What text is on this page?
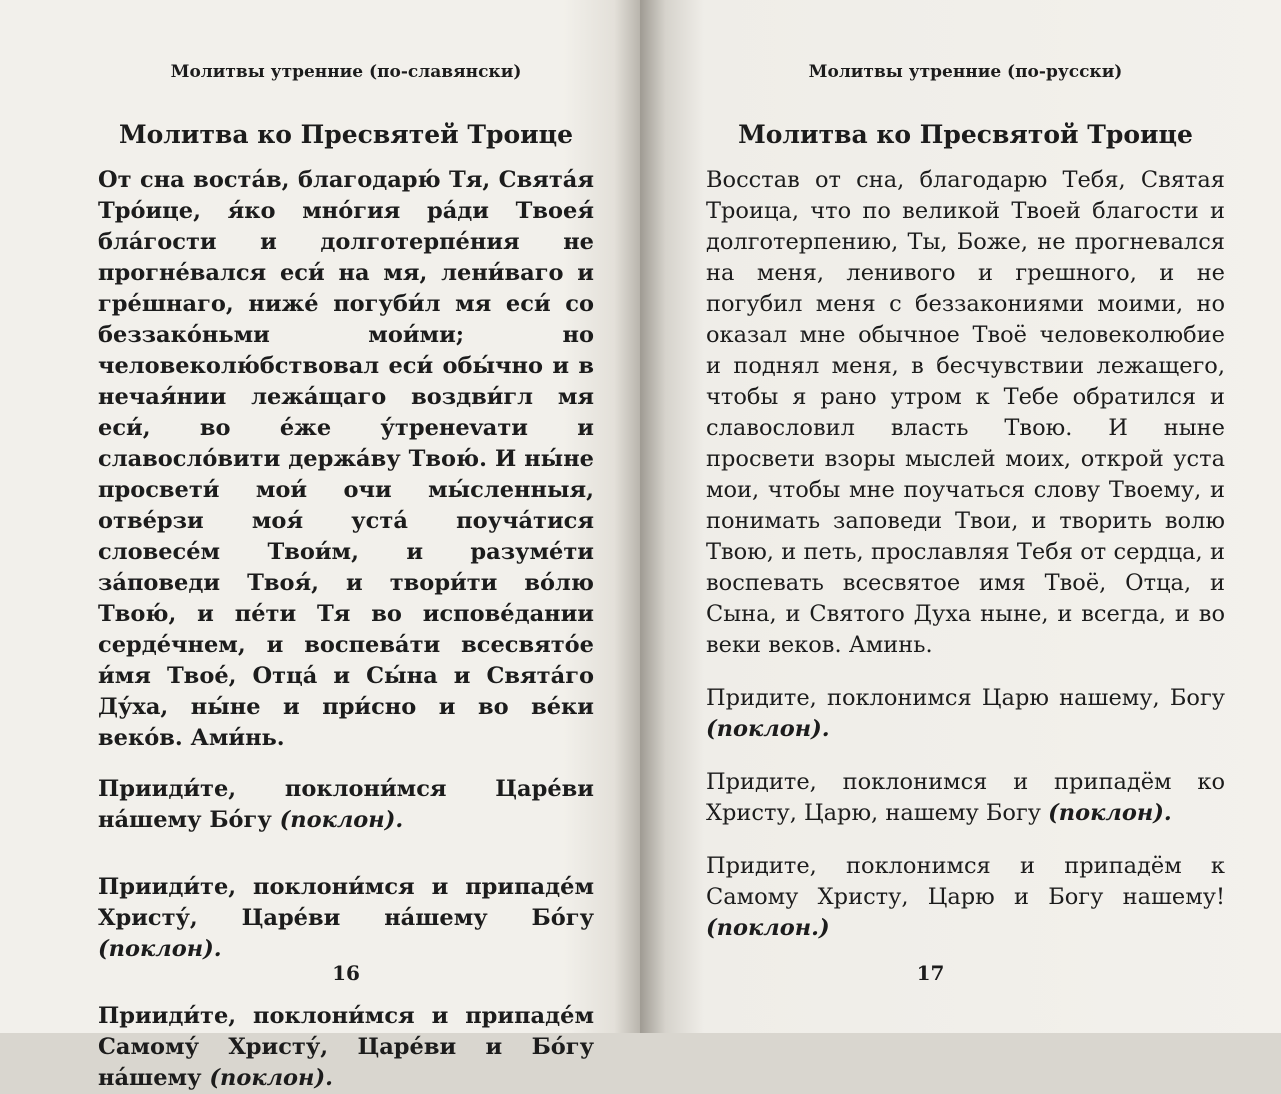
Молитвы утренние (по-славянски)
Молитва ко Пресвятей Троице

От сна воста́в, благодарю́ Тя, Свята́я Тро́ице, я́ко мно́гия ра́ди Твоея́ бла́гости и долготерпе́ния не прогне́вался еси́ на мя, лени́ваго и гре́шнаго, ниже́ погуби́л мя еси́ со беззако́ньми мои́ми; но человеколю́бствовал еси́ обы́чно и в нечая́нии лежа́щаго воздви́гл мя еси́, во е́же у́тренevaти и славосло́вити держа́ву Твою́. И ны́не просвети́ мои́ очи мы́сленныя, отве́рзи моя́ уста́ поуча́тися словесе́м Твои́м, и разуме́ти за́поведи Твоя́, и твори́ти во́лю Твою́, и пе́ти Тя во испове́дании серде́чнем, и воспева́ти всесвято́е и́мя Твое́, Отца́ и Сы́на и Свята́го Ду́ха, ны́не и при́сно и во ве́ки веко́в. Ами́нь.

Прииди́те, поклони́мся Царе́ви на́шему Бо́гу (поклон).

Прииди́те, поклони́мся и припаде́м Христу́, Царе́ви на́шему Бо́гу (поклон).

Прииди́те, поклони́мся и припаде́м Самому́ Христу́, Царе́ви и Бо́гу на́шему (поклон).

16
Молитвы утренние (по-русски)
Молитва ко Пресвятой Троице

Восстав от сна, благодарю Тебя, Святая Троица, что по великой Твоей благости и долготерпению, Ты, Боже, не прогневался на меня, ленивого и грешного, и не погубил меня с беззакониями моими, но оказал мне обычное Твоё человеколюбие и поднял меня, в бесчувствии лежащего, чтобы я рано утром к Тебе обратился и славословил власть Твою. И ныне просвети взоры мыслей моих, открой уста мои, чтобы мне поучаться слову Твоему, и понимать заповеди Твои, и творить волю Твою, и петь, прославляя Тебя от сердца, и воспевать всесвятое имя Твоё, Отца, и Сына, и Святого Духа ныне, и всегда, и во веки веков. Аминь.

Придите, поклонимся Царю нашему, Богу (поклон).

Придите, поклонимся и припадём ко Христу, Царю, нашему Богу (поклон).

Придите, поклонимся и припадём к Самому Христу, Царю и Богу нашему! (поклон.)

17
